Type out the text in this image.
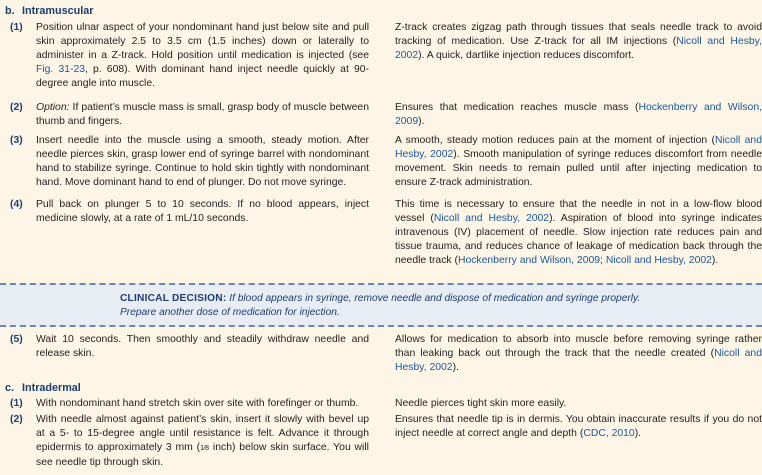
b. Intramuscular
(1) Position ulnar aspect of your nondominant hand just below site and pull skin approximately 2.5 to 3.5 cm (1.5 inches) down or laterally to administer in a Z-track. Hold position until medication is injected (see Fig. 31-23, p. 608). With dominant hand inject needle quickly at 90-degree angle into muscle.
Z-track creates zigzag path through tissues that seals needle track to avoid tracking of medication. Use Z-track for all IM injections (Nicoll and Hesby, 2002). A quick, dartlike injection reduces discomfort.
(2) Option: If patient’s muscle mass is small, grasp body of muscle between thumb and fingers.
Ensures that medication reaches muscle mass (Hockenberry and Wilson, 2009).
(3) Insert needle into the muscle using a smooth, steady motion. After needle pierces skin, grasp lower end of syringe barrel with nondominant hand to stabilize syringe. Continue to hold skin tightly with nondominant hand. Move dominant hand to end of plunger. Do not move syringe.
A smooth, steady motion reduces pain at the moment of injection (Nicoll and Hesby, 2002). Smooth manipulation of syringe reduces discomfort from needle movement. Skin needs to remain pulled until after injecting medication to ensure Z-track administration.
(4) Pull back on plunger 5 to 10 seconds. If no blood appears, inject medicine slowly, at a rate of 1 mL/10 seconds.
This time is necessary to ensure that the needle in not in a low-flow blood vessel (Nicoll and Hesby, 2002). Aspiration of blood into syringe indicates intravenous (IV) placement of needle. Slow injection rate reduces pain and tissue trauma, and reduces chance of leakage of medication back through the needle track (Hockenberry and Wilson, 2009; Nicoll and Hesby, 2002).
CLINICAL DECISION: If blood appears in syringe, remove needle and dispose of medication and syringe properly. Prepare another dose of medication for injection.
(5) Wait 10 seconds. Then smoothly and steadily withdraw needle and release skin.
Allows for medication to absorb into muscle before removing syringe rather than leaking back out through the track that the needle created (Nicoll and Hesby, 2002).
c. Intradermal
(1) With nondominant hand stretch skin over site with forefinger or thumb.	Needle pierces tight skin more easily.
(2) With needle almost against patient’s skin, insert it slowly with bevel up at a 5- to 15-degree angle until resistance is felt. Advance it through epidermis to approximately 3 mm (1⁄8 inch) below skin surface. You will see needle tip through skin.
Ensures that needle tip is in dermis. You obtain inaccurate results if you do not inject needle at correct angle and depth (CDC, 2010).
